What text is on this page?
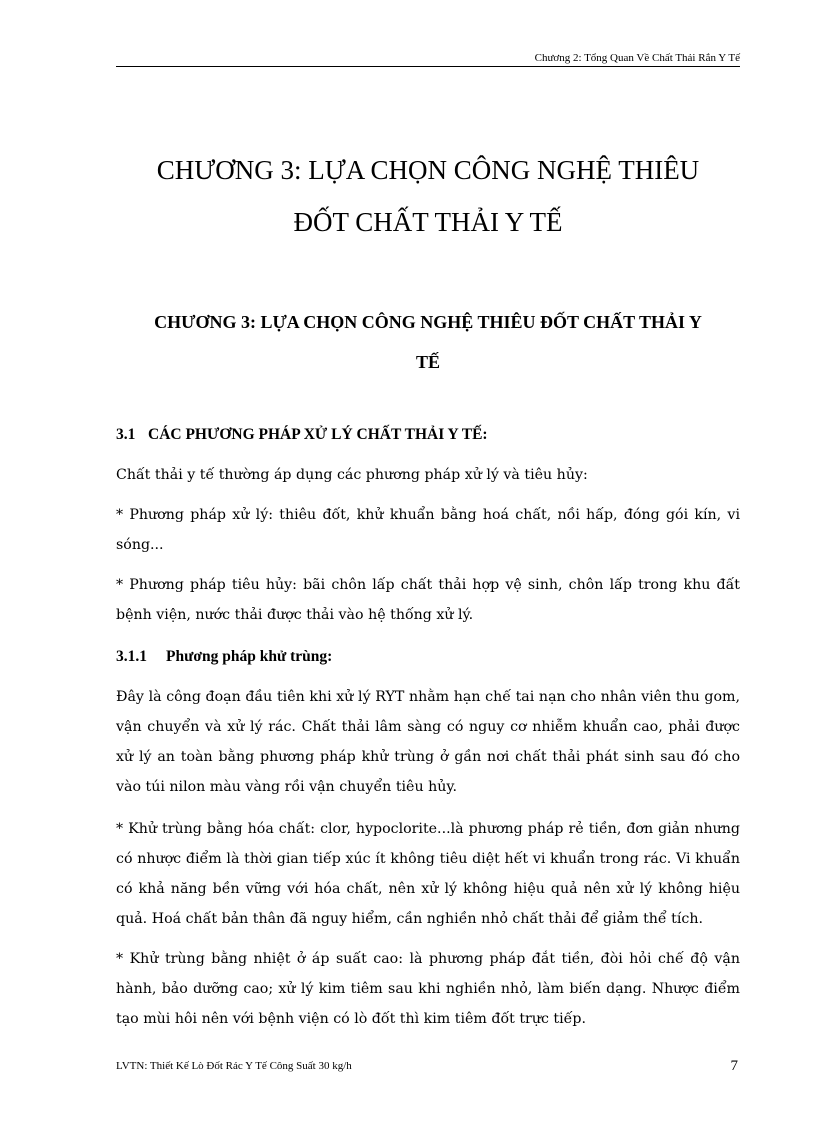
Chương 2: Tổng Quan Về Chất Thải Rắn Y Tế
CHƯƠNG 3: LỰA CHỌN CÔNG NGHỆ THIÊU
ĐỐT CHẤT THẢI Y TẾ
CHƯƠNG 3: LỰA CHỌN CÔNG NGHỆ THIÊU ĐỐT CHẤT THẢI Y
TẾ
3.1 CÁC PHƯƠNG PHÁP XỬ LÝ CHẤT THẢI Y TẾ:

Chất thải y tế thường áp dụng các phương pháp xử lý và tiêu hủy:

* Phương pháp xử lý: thiêu đốt, khử khuẩn bằng hoá chất, nồi hấp, đóng gói kín, vi sóng...

* Phương pháp tiêu hủy: bãi chôn lấp chất thải hợp vệ sinh, chôn lấp trong khu đất bệnh viện, nước thải được thải vào hệ thống xử lý.

3.1.1 Phương pháp khử trùng:

Đây là công đoạn đầu tiên khi xử lý RYT nhằm hạn chế tai nạn cho nhân viên thu gom, vận chuyển và xử lý rác. Chất thải lâm sàng có nguy cơ nhiễm khuẩn cao, phải được xử lý an toàn bằng phương pháp khử trùng ở gần nơi chất thải phát sinh sau đó cho vào túi nilon màu vàng rồi vận chuyển tiêu hủy.

* Khử trùng bằng hóa chất: clor, hypoclorite...là phương pháp rẻ tiền, đơn giản nhưng có nhược điểm là thời gian tiếp xúc ít không tiêu diệt hết vi khuẩn trong rác. Vi khuẩn có khả năng bền vững với hóa chất, nên xử lý không hiệu quả nên xử lý không hiệu quả. Hoá chất bản thân đã nguy hiểm, cần nghiền nhỏ chất thải để giảm thể tích.

* Khử trùng bằng nhiệt ở áp suất cao: là phương pháp đắt tiền, đòi hỏi chế độ vận hành, bảo dưỡng cao; xử lý kim tiêm sau khi nghiền nhỏ, làm biến dạng. Nhược điểm tạo mùi hôi nên với bệnh viện có lò đốt thì kim tiêm đốt trực tiếp.

LVTN: Thiết Kế Lò Đốt Rác Y Tế Công Suất 30 kg/h	7
